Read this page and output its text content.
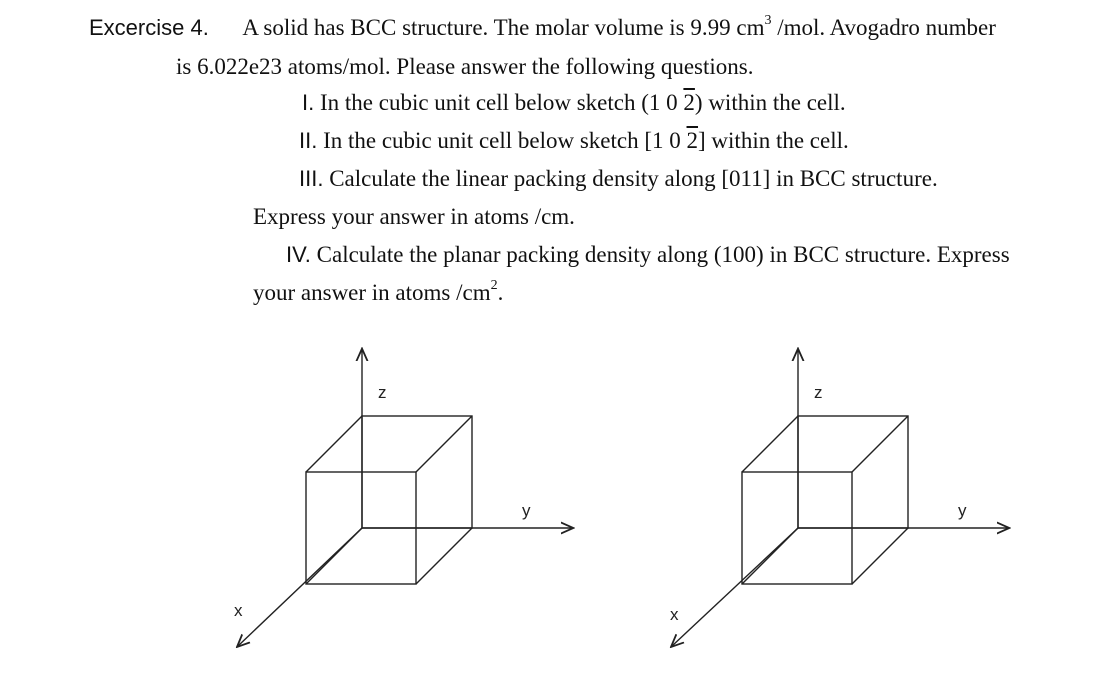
Excercise 4. A solid has BCC structure. The molar volume is 9.99 $cm^3$ /mol. Avogadro number
is 6.022e23 atoms/mol. Please answer the following questions.
I. In the cubic unit cell below sketch (1 0 2) within the cell.
II. In the cubic unit cell below sketch [1 0 2] within the cell.
III. Calculate the linear packing density along [011] in BCC structure.
Express your answer in atoms /cm.
IV. Calculate the planar packing density along (100) in BCC structure. Express
your answer in atoms $/cm^2$.
z
y
x
z
y
x
